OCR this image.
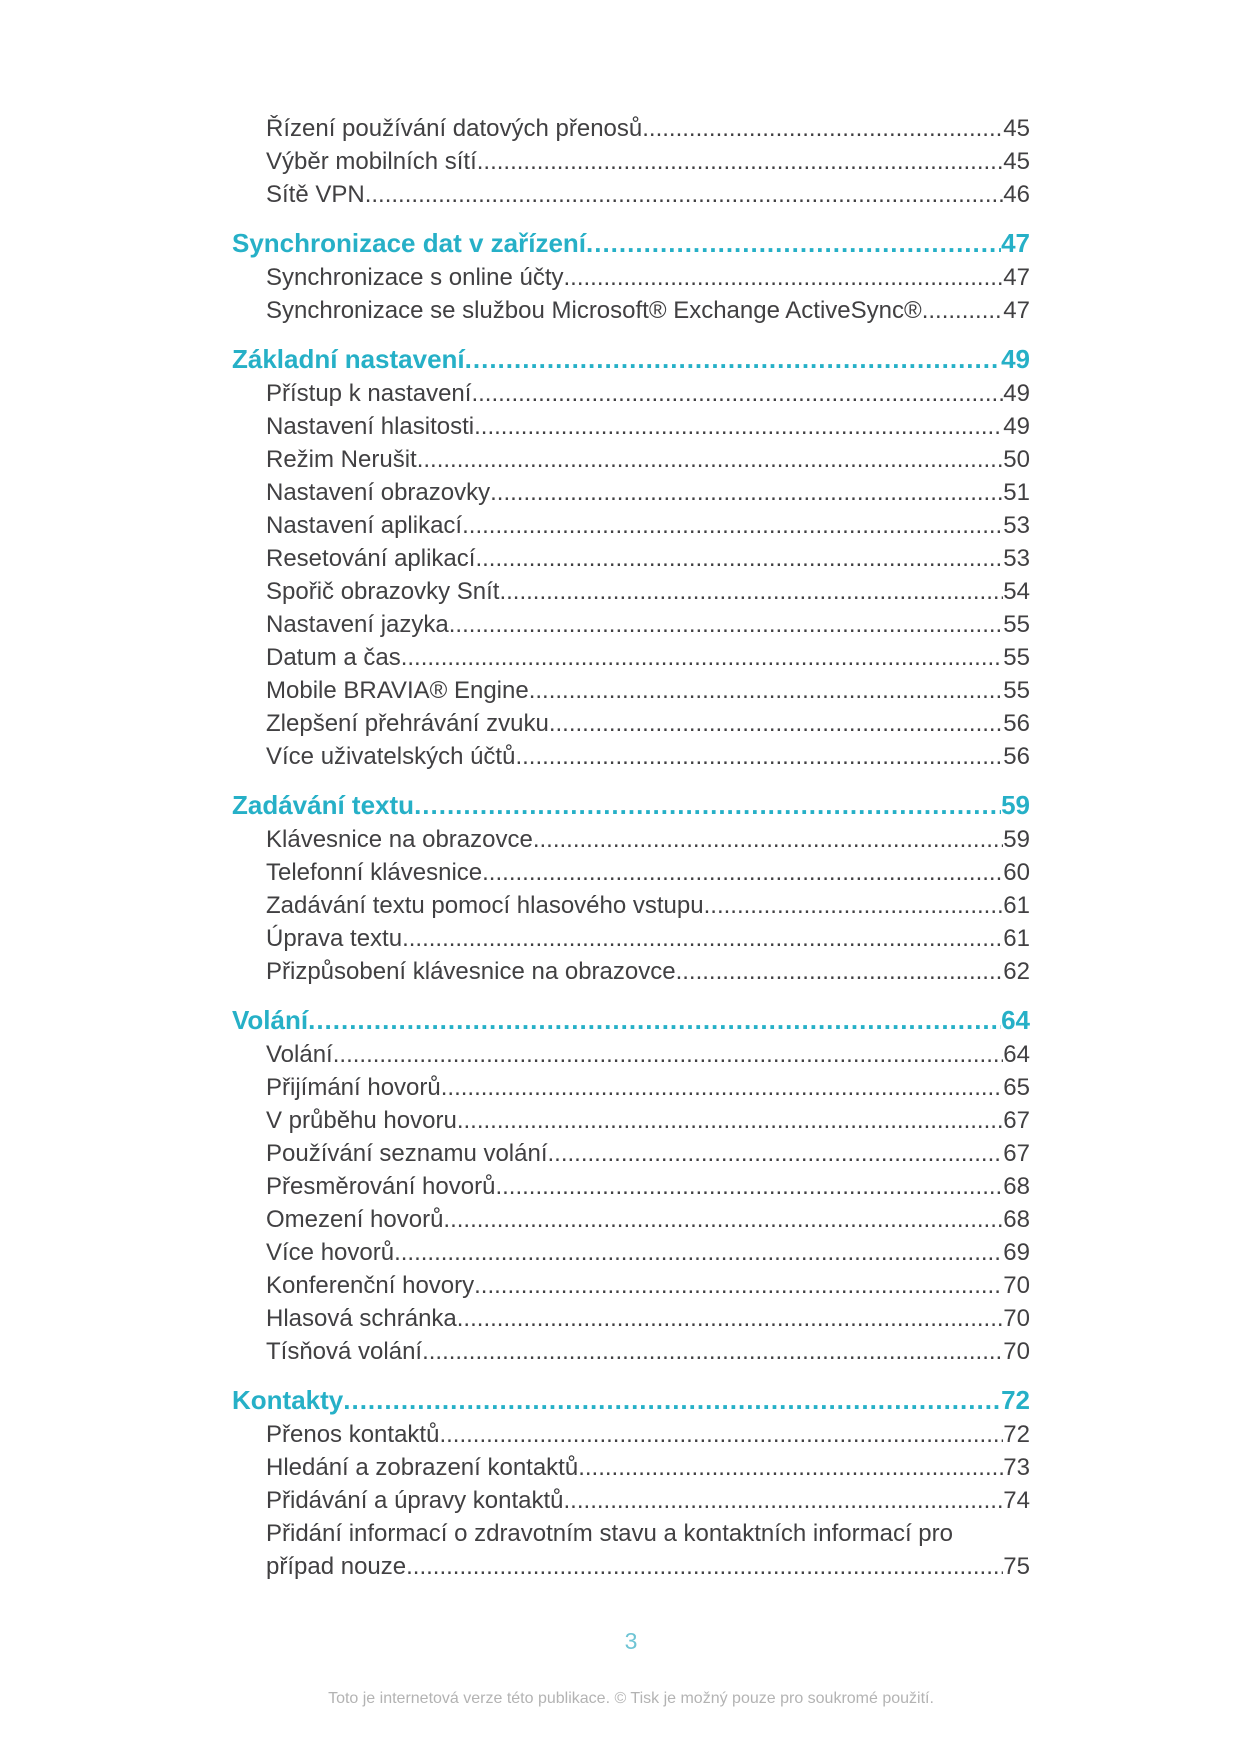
Řízení používání datových přenosů .....	45
Výběr mobilních sítí .....	45
Sítě VPN .....	46
Synchronizace dat v zařízení .....	47
Synchronizace s online účty .....	47
Synchronizace se službou Microsoft® Exchange ActiveSync® .....	47
Základní nastavení .....	49
Přístup k nastavení .....	49
Nastavení hlasitosti .....	49
Režim Nerušit .....	50
Nastavení obrazovky .....	51
Nastavení aplikací .....	53
Resetování aplikací .....	53
Spořič obrazovky Snít .....	54
Nastavení jazyka .....	55
Datum a čas .....	55
Mobile BRAVIA® Engine .....	55
Zlepšení přehrávání zvuku .....	56
Více uživatelských účtů .....	56
Zadávání textu .....	59
Klávesnice na obrazovce .....	59
Telefonní klávesnice .....	60
Zadávání textu pomocí hlasového vstupu .....	61
Úprava textu .....	61
Přizpůsobení klávesnice na obrazovce .....	62
Volání .....	64
Volání .....	64
Přijímání hovorů .....	65
V průběhu hovoru .....	67
Používání seznamu volání .....	67
Přesměrování hovorů .....	68
Omezení hovorů .....	68
Více hovorů .....	69
Konferenční hovory .....	70
Hlasová schránka .....	70
Tísňová volání .....	70
Kontakty .....	72
Přenos kontaktů .....	72
Hledání a zobrazení kontaktů .....	73
Přidávání a úpravy kontaktů .....	74
Přidání informací o zdravotním stavu a kontaktních informací pro
případ nouze .....	75
3
Toto je internetová verze této publikace. © Tisk je možný pouze pro soukromé použití.
